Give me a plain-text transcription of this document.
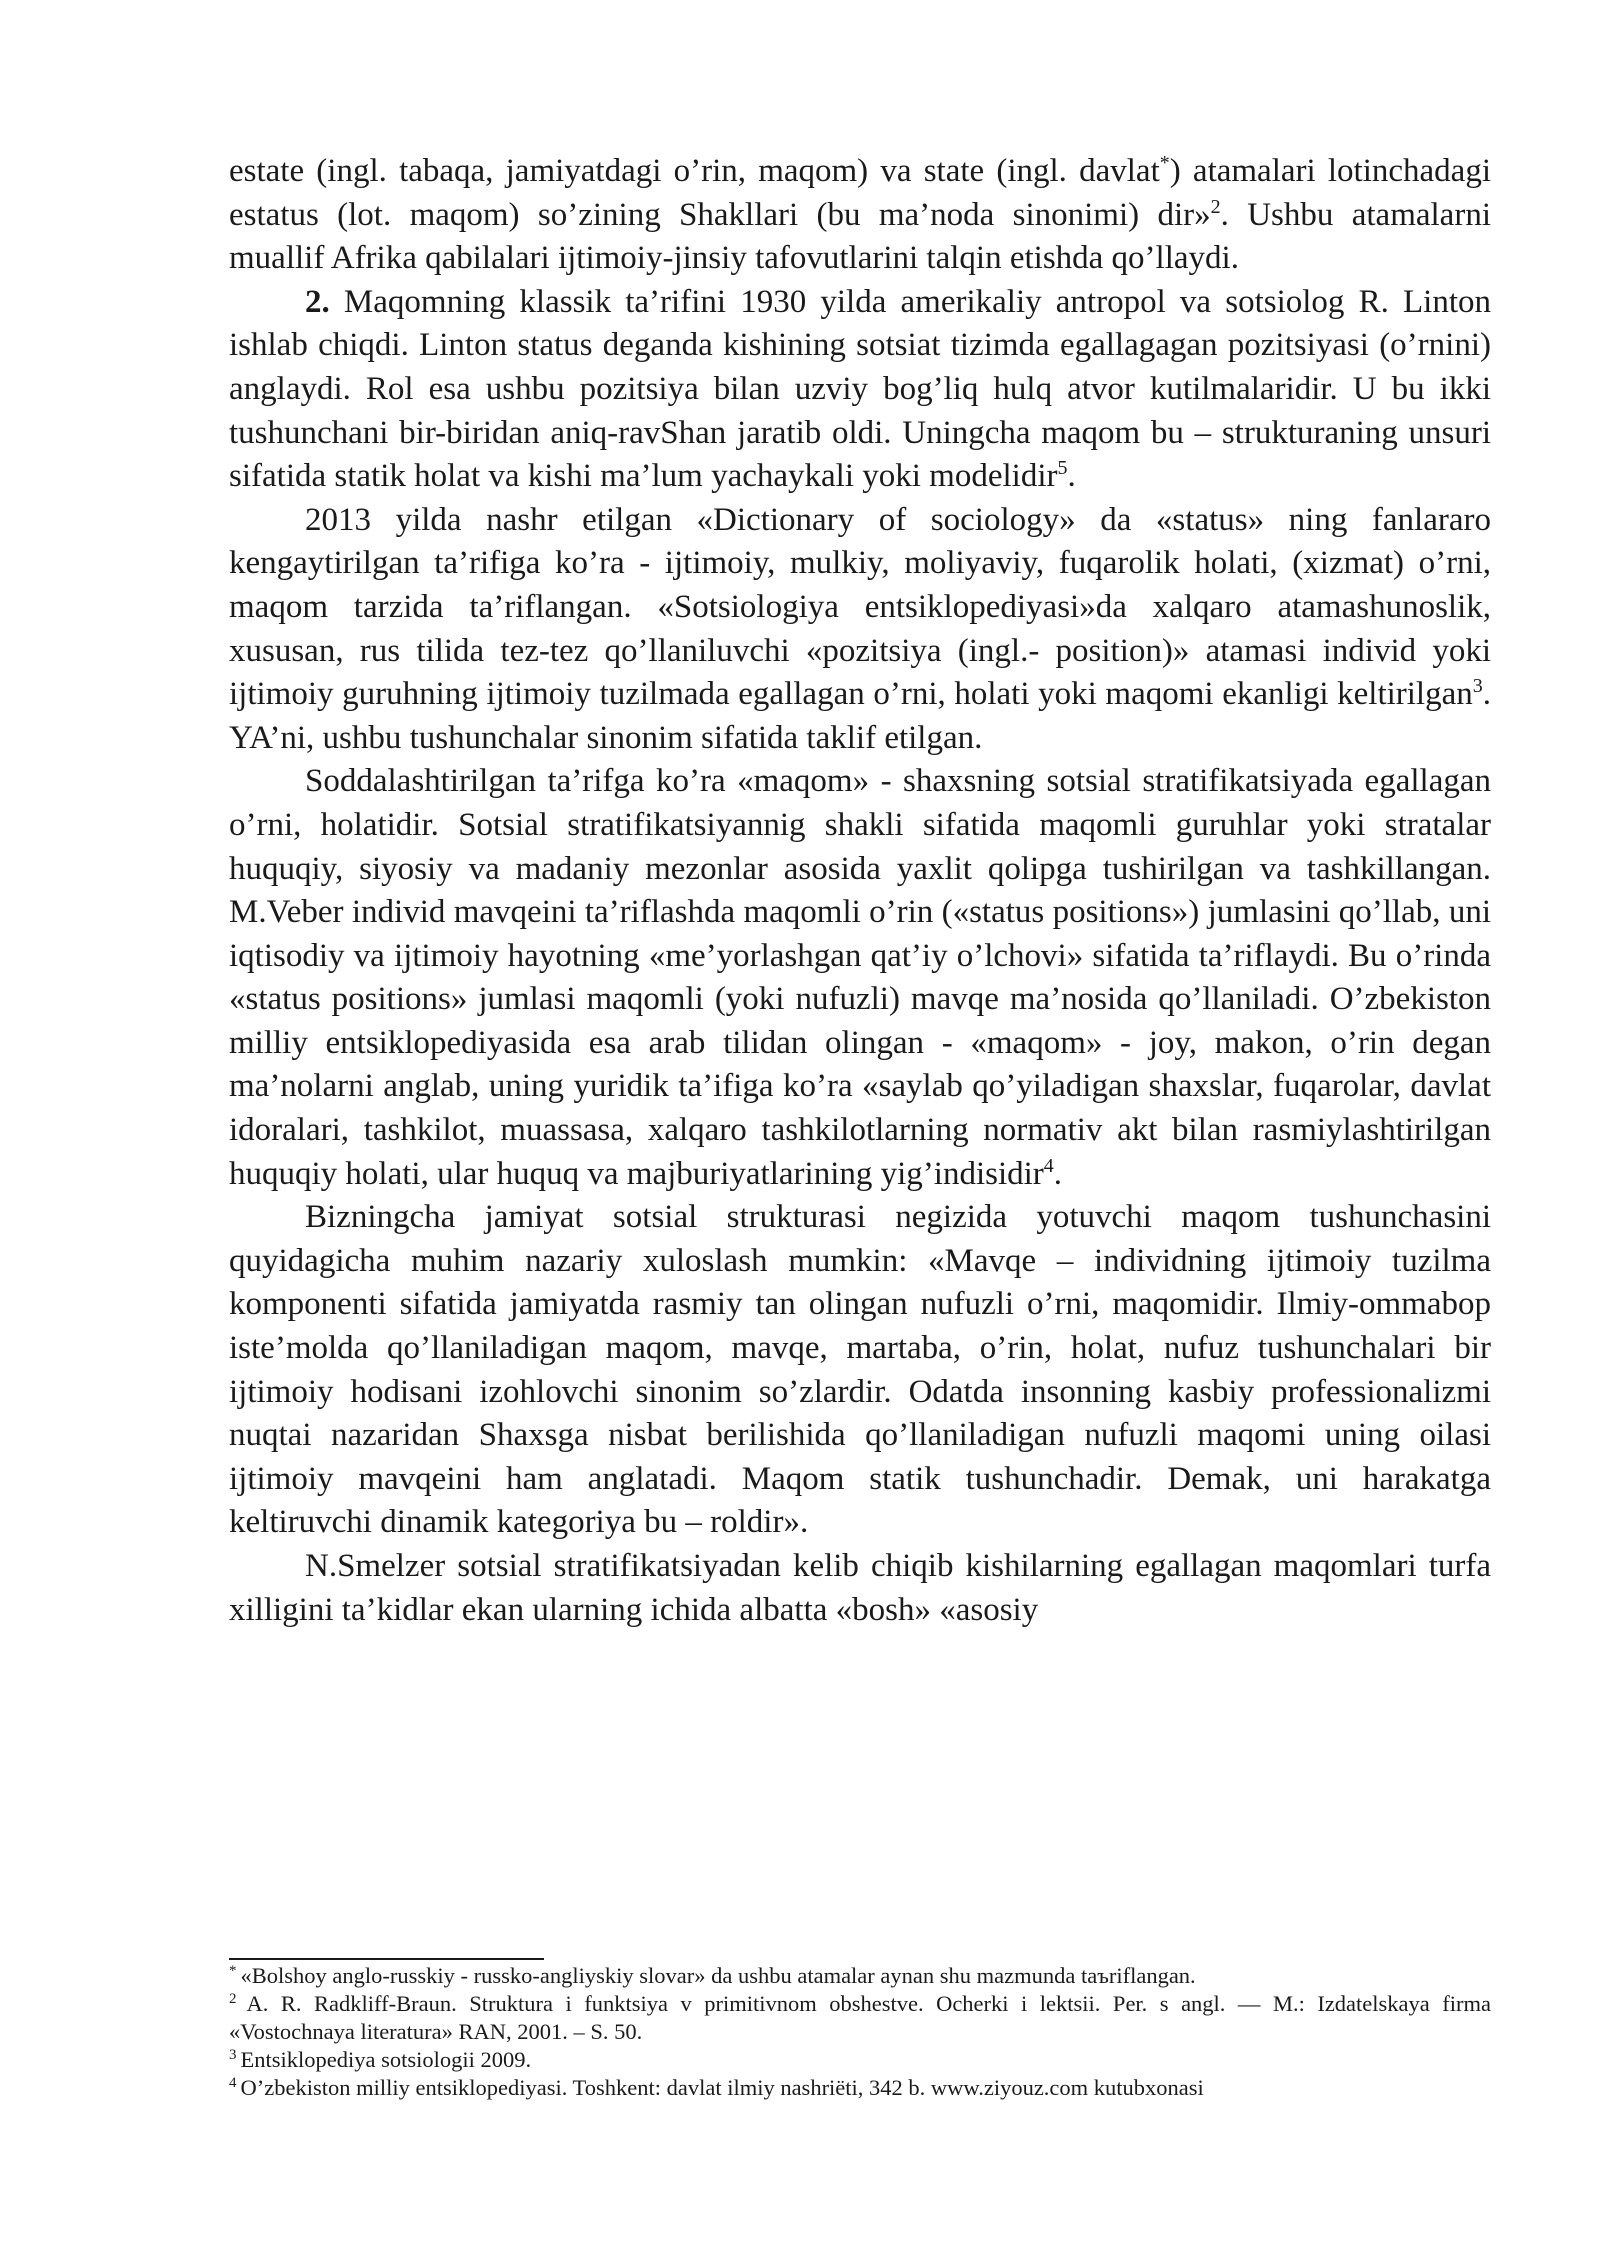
estate (ingl. tabaqa, jamiyatdagi o’rin, maqom) va state (ingl. davlat*) atamalari lotinchadagi estatus (lot. maqom) so’zining Shakllari (bu ma’noda sinonimi) dir»$^2$. Ushbu atamalarni muallif Afrika qabilalari ijtimoiy-jinsiy tafovutlarini talqin etishda qo’llaydi.

2. Maqomning klassik ta’rifini 1930 yilda amerikaliy antropol va sotsiolog R. Linton ishlab chiqdi. Linton status deganda kishining sotsiat tizimda egallagagan pozitsiyasi (o’rnini) anglaydi. Rol esa ushbu pozitsiya bilan uzviy bog’liq hulq atvor kutilmalaridir. U bu ikki tushunchani bir-biridan aniq-ravShan jaratib oldi. Uningcha maqom bu – strukturaning unsuri sifatida statik holat va kishi ma’lum yachaykali yoki modelidir$^5$.

2013 yilda nashr etilgan «Dictionary of sociology» da «status» ning fanlararo kengaytirilgan ta’rifiga ko’ra - ijtimoiy, mulkiy, moliyaviy, fuqarolik holati, (xizmat) o’rni, maqom tarzida ta’riflangan. «Sotsiologiya entsiklopediyasi»da xalqaro atamashunoslik, xususan, rus tilida tez-tez qo’llaniluvchi «pozitsiya (ingl.- position)» atamasi individ yoki ijtimoiy guruhning ijtimoiy tuzilmada egallagan o’rni, holati yoki maqomi ekanligi keltirilgan$^3$. YA’ni, ushbu tushunchalar sinonim sifatida taklif etilgan.

Soddalashtirilgan ta’rifga ko’ra «maqom» - shaxsning sotsial stratifikatsiyada egallagan o’rni, holatidir. Sotsial stratifikatsiyannig shakli sifatida maqomli guruhlar yoki stratalar huquqiy, siyosiy va madaniy mezonlar asosida yaxlit qolipga tushirilgan va tashkillangan. M.Veber individ mavqeini ta’riflashda maqomli o’rin («status positions») jumlasini qo’llab, uni iqtisodiy va ijtimoiy hayotning «me’yorlashgan qat’iy o’lchovi» sifatida ta’riflaydi. Bu o’rinda «status positions» jumlasi maqomli (yoki nufuzli) mavqe ma’nosida qo’llaniladi. O’zbekiston milliy entsiklopediyasida esa arab tilidan olingan - «maqom» - joy, makon, o’rin degan ma’nolarni anglab, uning yuridik ta’ifiga ko’ra «saylab qo’yiladigan shaxslar, fuqarolar, davlat idoralari, tashkilot, muassasa, xalqaro tashkilotlarning normativ akt bilan rasmiylashtirilgan huquqiy holati, ular huquq va majburiyatlarining yig’indisidir$^4$.

Bizningcha jamiyat sotsial strukturasi negizida yotuvchi maqom tushunchasini quyidagicha muhim nazariy xuloslash mumkin: «Mavqe – individning ijtimoiy tuzilma komponenti sifatida jamiyatda rasmiy tan olingan nufuzli o’rni, maqomidir. Ilmiy-ommabop iste’molda qo’llaniladigan maqom, mavqe, martaba, o’rin, holat, nufuz tushunchalari bir ijtimoiy hodisani izohlovchi sinonim so’zlardir. Odatda insonning kasbiy professionalizmi nuqtai nazaridan Shaxsga nisbat berilishida qo’llaniladigan nufuzli maqomi uning oilasi ijtimoiy mavqeini ham anglatadi. Maqom statik tushunchadir. Demak, uni harakatga keltiruvchi dinamik kategoriya bu – roldir».

N.Smelzer sotsial stratifikatsiyadan kelib chiqib kishilarning egallagan maqomlari turfa xilligini ta’kidlar ekan ularning ichida albatta «bosh» «asosiy

* «Bolshoy anglo-russkiy - russko-angliyskiy slovar» da ushbu atamalar aynan shu mazmunda taъriflangan.

$^2$ A. R. Radkliff-Braun. Struktura i funktsiya v primitivnom obshestve. Ocherki i lektsii. Per. s angl. — M.: Izdatelskaya firma «Vostochnaya literatura» RAN, 2001. – S. 50.

$^3$ Entsiklopediya sotsiologii 2009.

$^4$ O’zbekiston milliy entsiklopediyasi. Toshkent: davlat ilmiy nashriёti, 342 b. www.ziyouz.com kutubxonasi
